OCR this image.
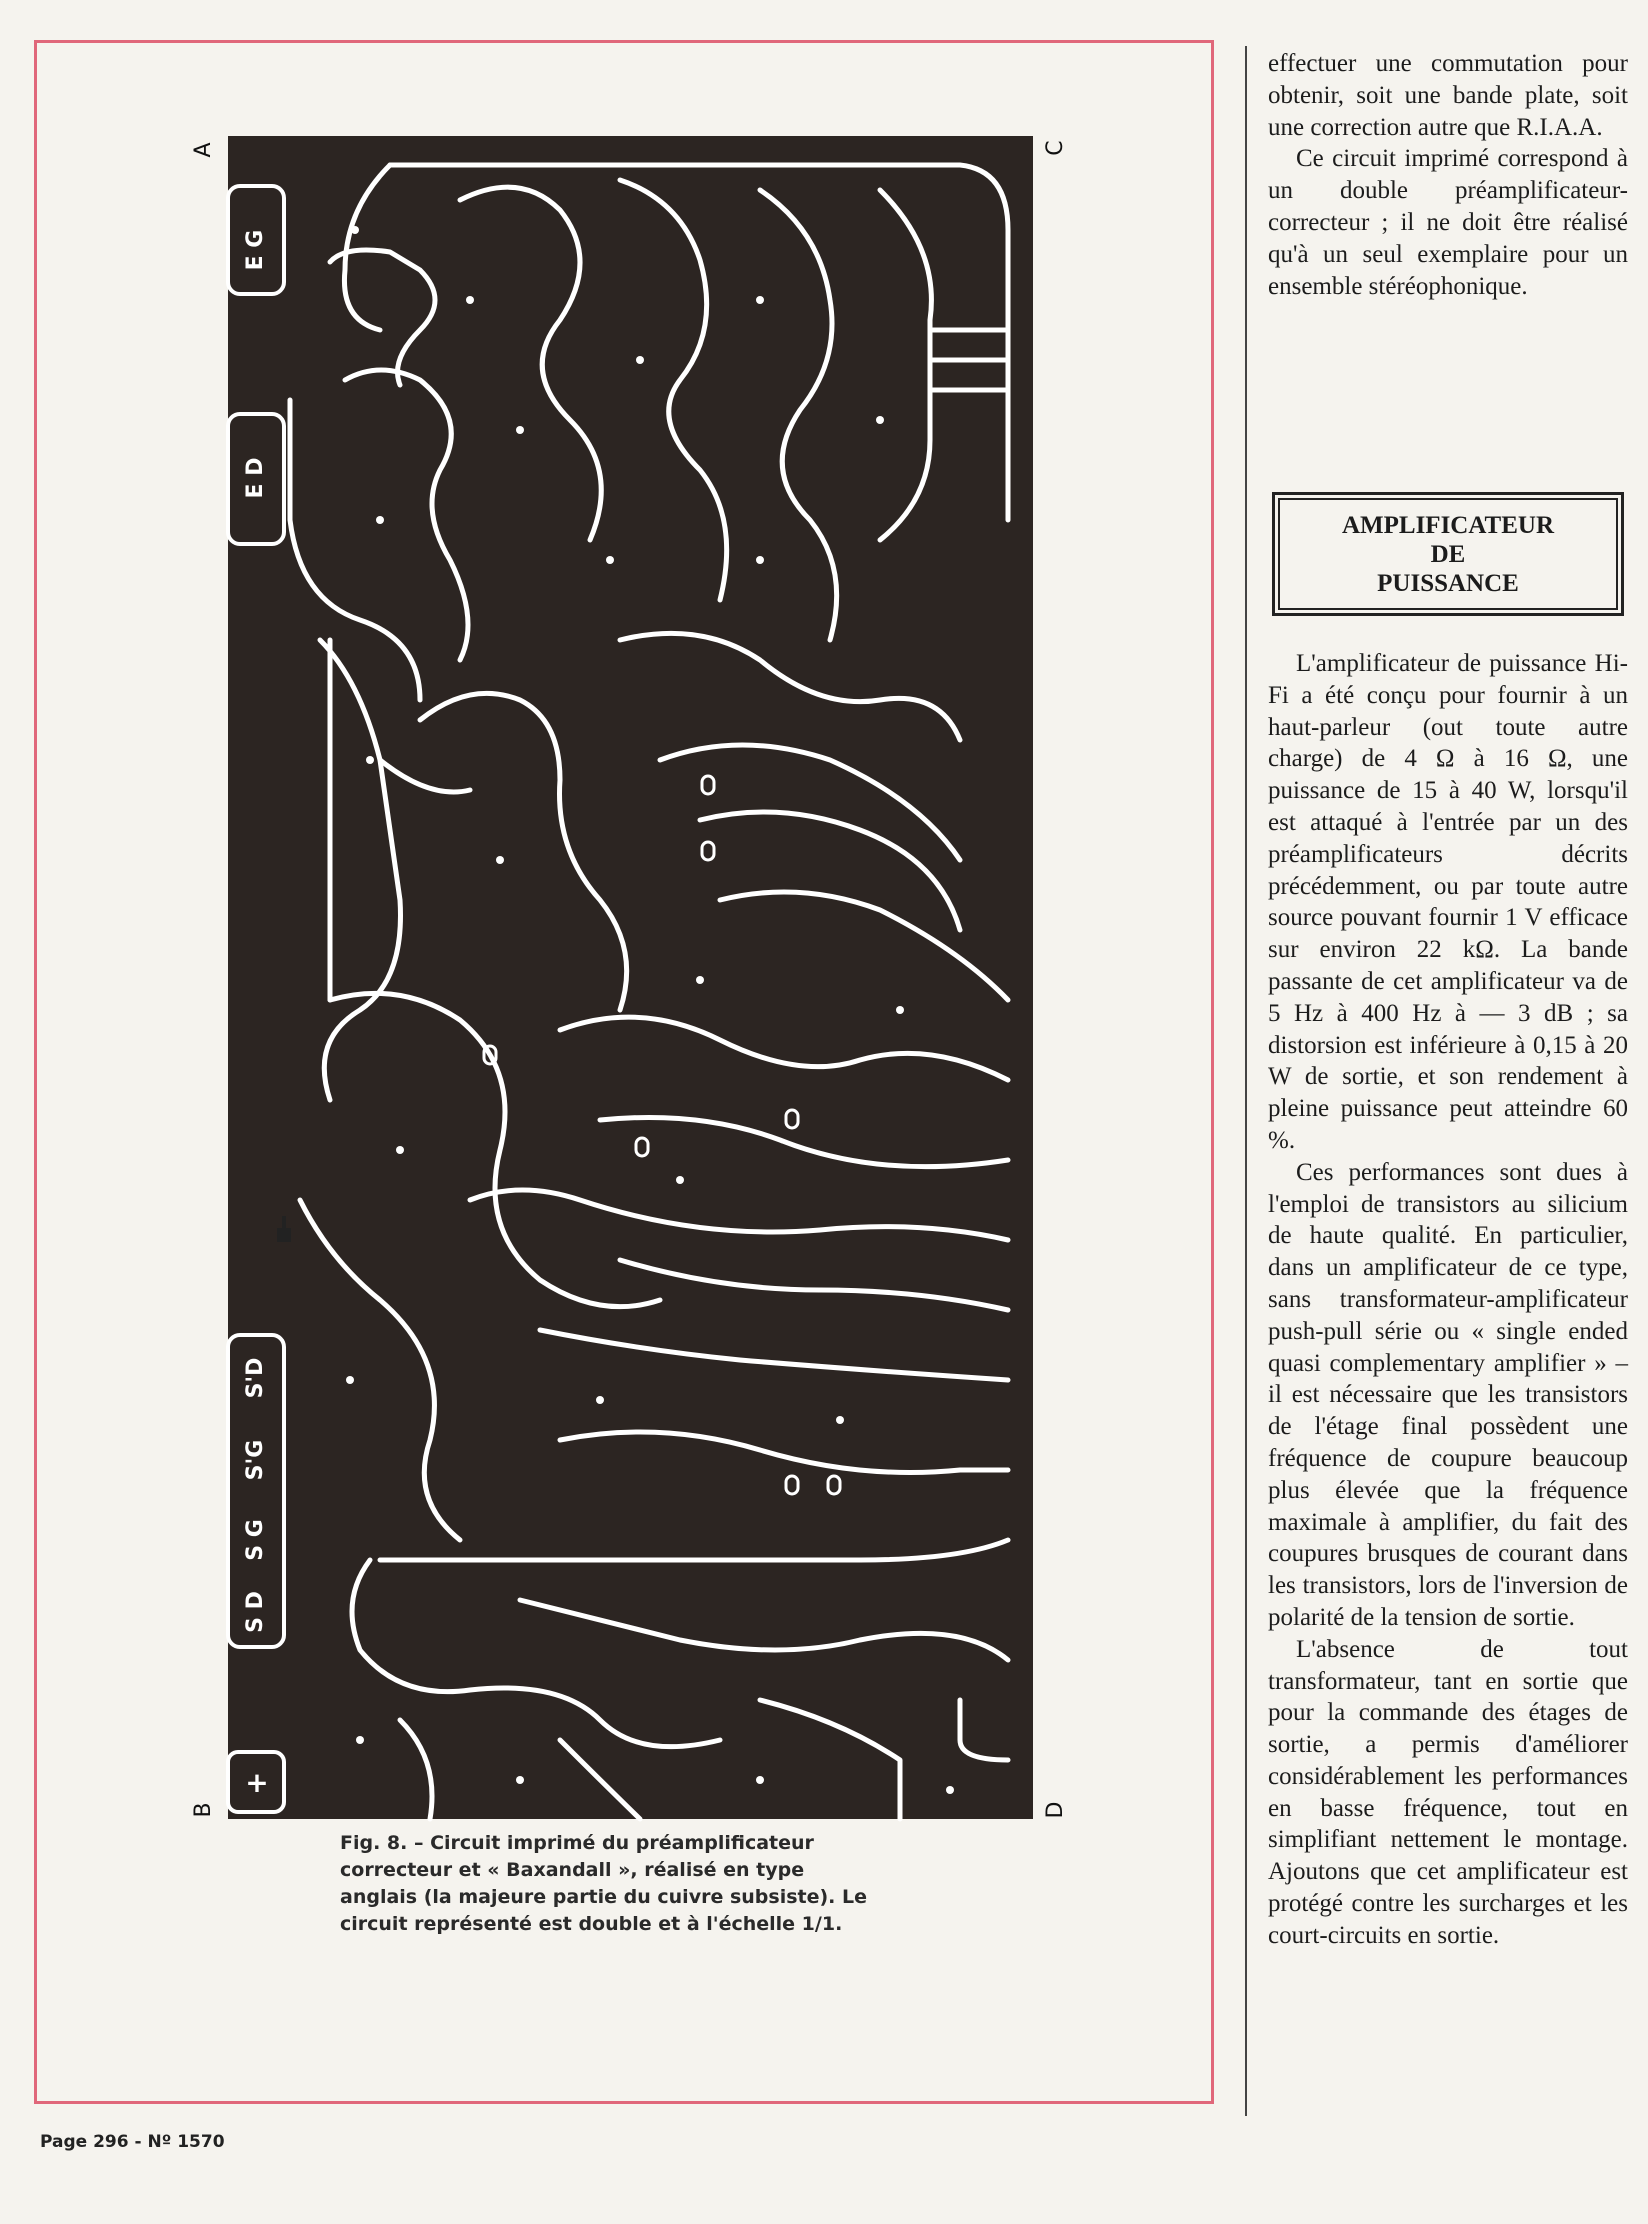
E G
E D
S'D
S'G
S G
S D
+
A	C
B	D

Fig. 8. – Circuit imprimé du préamplificateur correcteur et « Baxandall », réalisé en type anglais (la majeure partie du cuivre subsiste). Le circuit représenté est double et à l'échelle 1/1.

effectuer une commutation pour obtenir, soit une bande plate, soit une correction autre que R.I.A.A.

Ce circuit imprimé correspond à un double préamplificateur-correcteur ; il ne doit être réalisé qu'à un seul exemplaire pour un ensemble stéréophonique.

AMPLIFICATEUR
DE
PUISSANCE

L'amplificateur de puissance Hi-Fi a été conçu pour fournir à un haut-parleur (out toute autre charge) de 4 Ω à 16 Ω, une puissance de 15 à 40 W, lorsqu'il est attaqué à l'entrée par un des préamplificateurs décrits précédemment, ou par toute autre source pouvant fournir 1 V efficace sur environ 22 kΩ. La bande passante de cet amplificateur va de 5 Hz à 400 Hz à — 3 dB ; sa distorsion est inférieure à 0,15 à 20 W de sortie, et son rendement à pleine puissance peut atteindre 60 %.

Ces performances sont dues à l'emploi de transistors au silicium de haute qualité. En particulier, dans un amplificateur de ce type, sans transformateur-amplificateur push-pull série ou « single ended quasi complementary amplifier » – il est nécessaire que les transistors de l'étage final possèdent une fréquence de coupure beaucoup plus élevée que la fréquence maximale à amplifier, du fait des coupures brusques de courant dans les transistors, lors de l'inversion de polarité de la tension de sortie.

L'absence de tout transformateur, tant en sortie que pour la commande des étages de sortie, a permis d'améliorer considérablement les performances en basse fréquence, tout en simplifiant nettement le montage. Ajoutons que cet amplificateur est protégé contre les surcharges et les court-circuits en sortie.

Page 296 - Nº 1570
